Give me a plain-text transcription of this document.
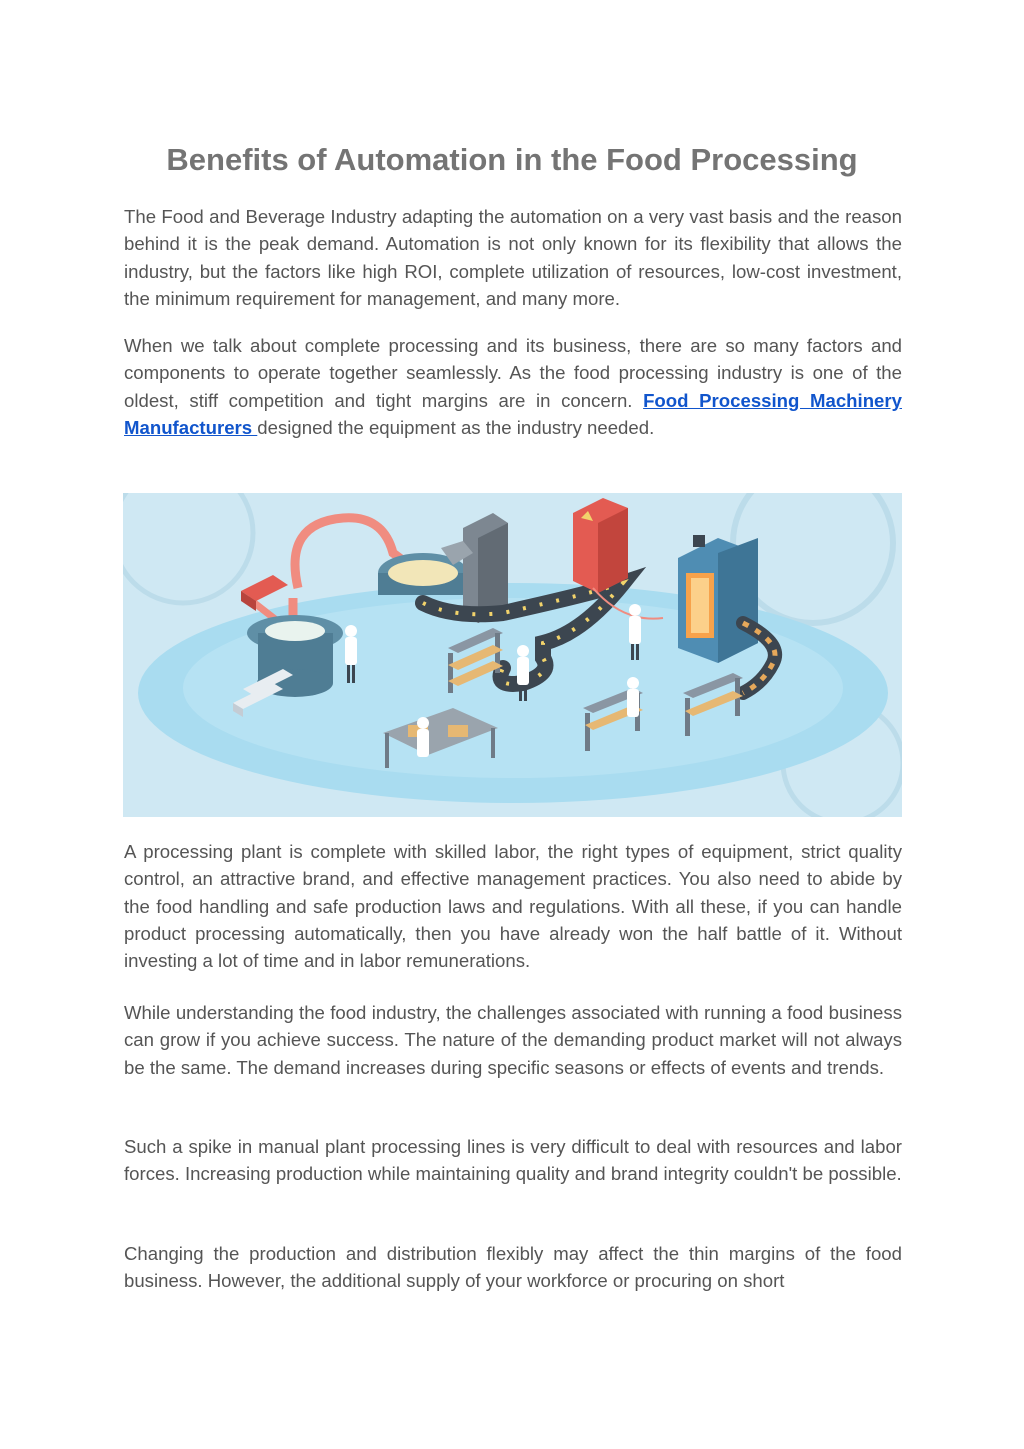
Benefits of Automation in the Food Processing

The Food and Beverage Industry adapting the automation on a very vast basis and the reason behind it is the peak demand. Automation is not only known for its flexibility that allows the industry, but the factors like high ROI, complete utilization of resources, low-cost investment, the minimum requirement for management, and many more.

When we talk about complete processing and its business, there are so many factors and components to operate together seamlessly. As the food processing industry is one of the oldest, stiff competition and tight margins are in concern. Food Processing Machinery Manufacturers designed the equipment as the industry needed.

A processing plant is complete with skilled labor, the right types of equipment, strict quality control, an attractive brand, and effective management practices. You also need to abide by the food handling and safe production laws and regulations. With all these, if you can handle product processing automatically, then you have already won the half battle of it. Without investing a lot of time and in labor remunerations.

While understanding the food industry, the challenges associated with running a food business can grow if you achieve success. The nature of the demanding product market will not always be the same. The demand increases during specific seasons or effects of events and trends.

Such a spike in manual plant processing lines is very difficult to deal with resources and labor forces. Increasing production while maintaining quality and brand integrity couldn't be possible.

Changing the production and distribution flexibly may affect the thin margins of the food business. However, the additional supply of your workforce or procuring on short
